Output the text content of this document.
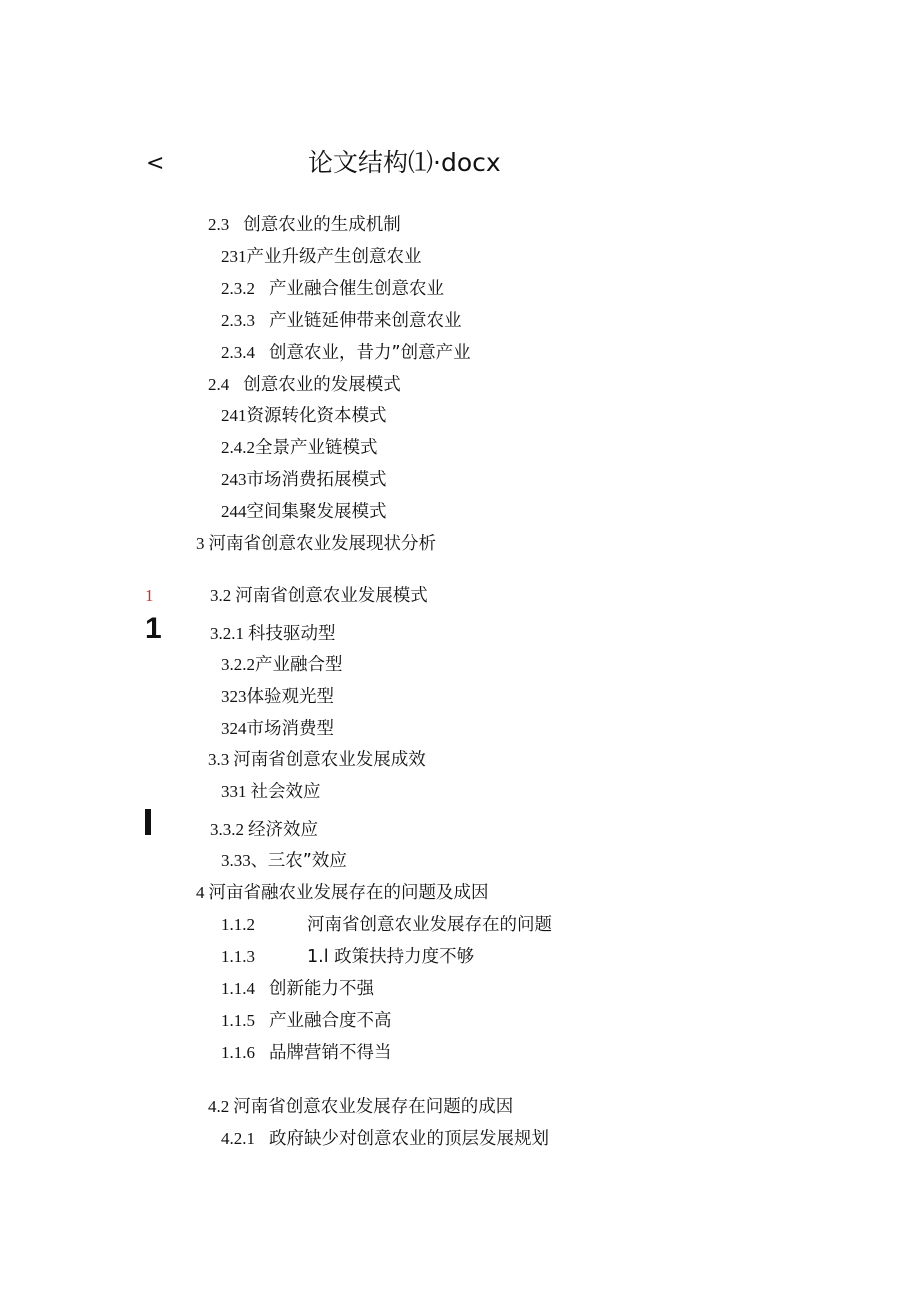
<	论文结构⑴·docx
1
1
2.3 创意农业的生成机制
231产业升级产生创意农业
2.3.2 产业融合催生创意农业
2.3.3 产业链延伸带来创意农业
2.3.4 创意农业，昔力”创意产业
2.4 创意农业的发展模式
241资源转化资本模式
2.4.2全景产业链模式
243市场消费拓展模式
244空间集聚发展模式
3 河南省创意农业发展现状分析
3.2 河南省创意农业发展模式
3.2.1 科技驱动型
3.2.2产业融合型
323体验观光型
324市场消费型
3.3 河南省创意农业发展成效
331 社会效应
3.3.2 经济效应
3.33、三农”效应
4 河亩省融农业发展存在的问题及成因
1.1.2	河南省创意农业发展存在的问题
1.1.3	1.l 政策扶持力度不够
1.1.4 创新能力不强
1.1.5 产业融合度不高
1.1.6 品牌营销不得当
4.2 河南省创意农业发展存在问题的成因
4.2.1 政府缺少对创意农业的顶层发展规划
